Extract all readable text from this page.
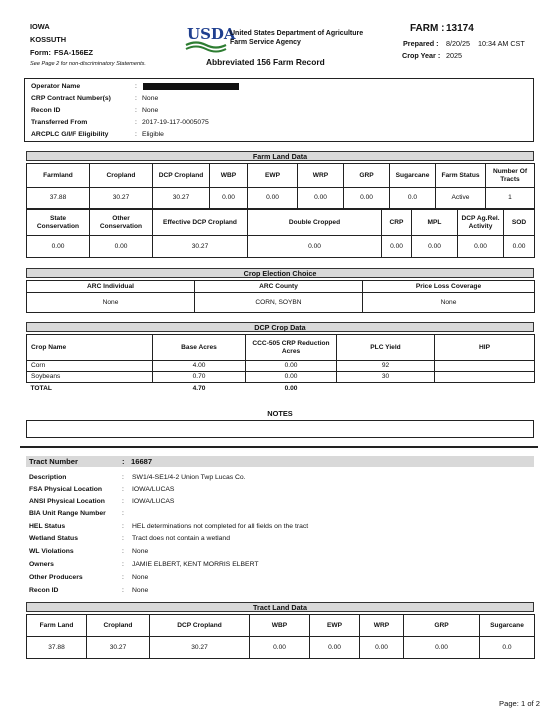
IOWA
KOSSUTH
Form: FSA-156EZ
See Page 2 for non-discriminatory Statements.
USDA
United States Department of Agriculture
Farm Service Agency
Abbreviated 156 Farm Record
FARM : 13174
Prepared : 8/20/25 10:34 AM CST
Crop Year : 2025
Operator Name	:
CRP Contract Number(s)	: None
Recon ID	: None
Transferred From	: 2017-19-117-0005075
ARCPLC G/I/F Eligibility	: Eligible
Farm Land Data
Farmland	Cropland	DCP Cropland	WBP	EWP	WRP	GRP	Sugarcane	Farm Status	Number Of Tracts
37.88	30.27	30.27	0.00	0.00	0.00	0.00	0.0	Active	1
State Conservation	Other Conservation	Effective DCP Cropland	Double Cropped	CRP	MPL	DCP Ag.Rel. Activity	SOD
0.00	0.00	30.27	0.00	0.00	0.00	0.00	0.00
Crop Election Choice
ARC Individual	ARC County	Price Loss Coverage
None	CORN, SOYBN	None
DCP Crop Data
Crop Name	Base Acres	CCC-505 CRP Reduction Acres	PLC Yield	HIP
Corn	4.00	0.00	92	
Soybeans	0.70	0.00	30	
TOTAL	4.70	0.00		
NOTES
Tract Number	: 16687
Description	: SW1/4-SE1/4-2 Union Twp Lucas Co.
FSA Physical Location	: IOWA/LUCAS
ANSI Physical Location	: IOWA/LUCAS
BIA Unit Range Number :
HEL Status	: HEL determinations not completed for all fields on the tract
Wetland Status	: Tract does not contain a wetland
WL Violations	: None
Owners	: JAMIE ELBERT, KENT MORRIS ELBERT
Other Producers	: None
Recon ID	: None
Tract Land Data
Farm Land	Cropland	DCP Cropland	WBP	EWP	WRP	GRP	Sugarcane
37.88	30.27	30.27	0.00	0.00	0.00	0.00	0.0
Page: 1 of 2
